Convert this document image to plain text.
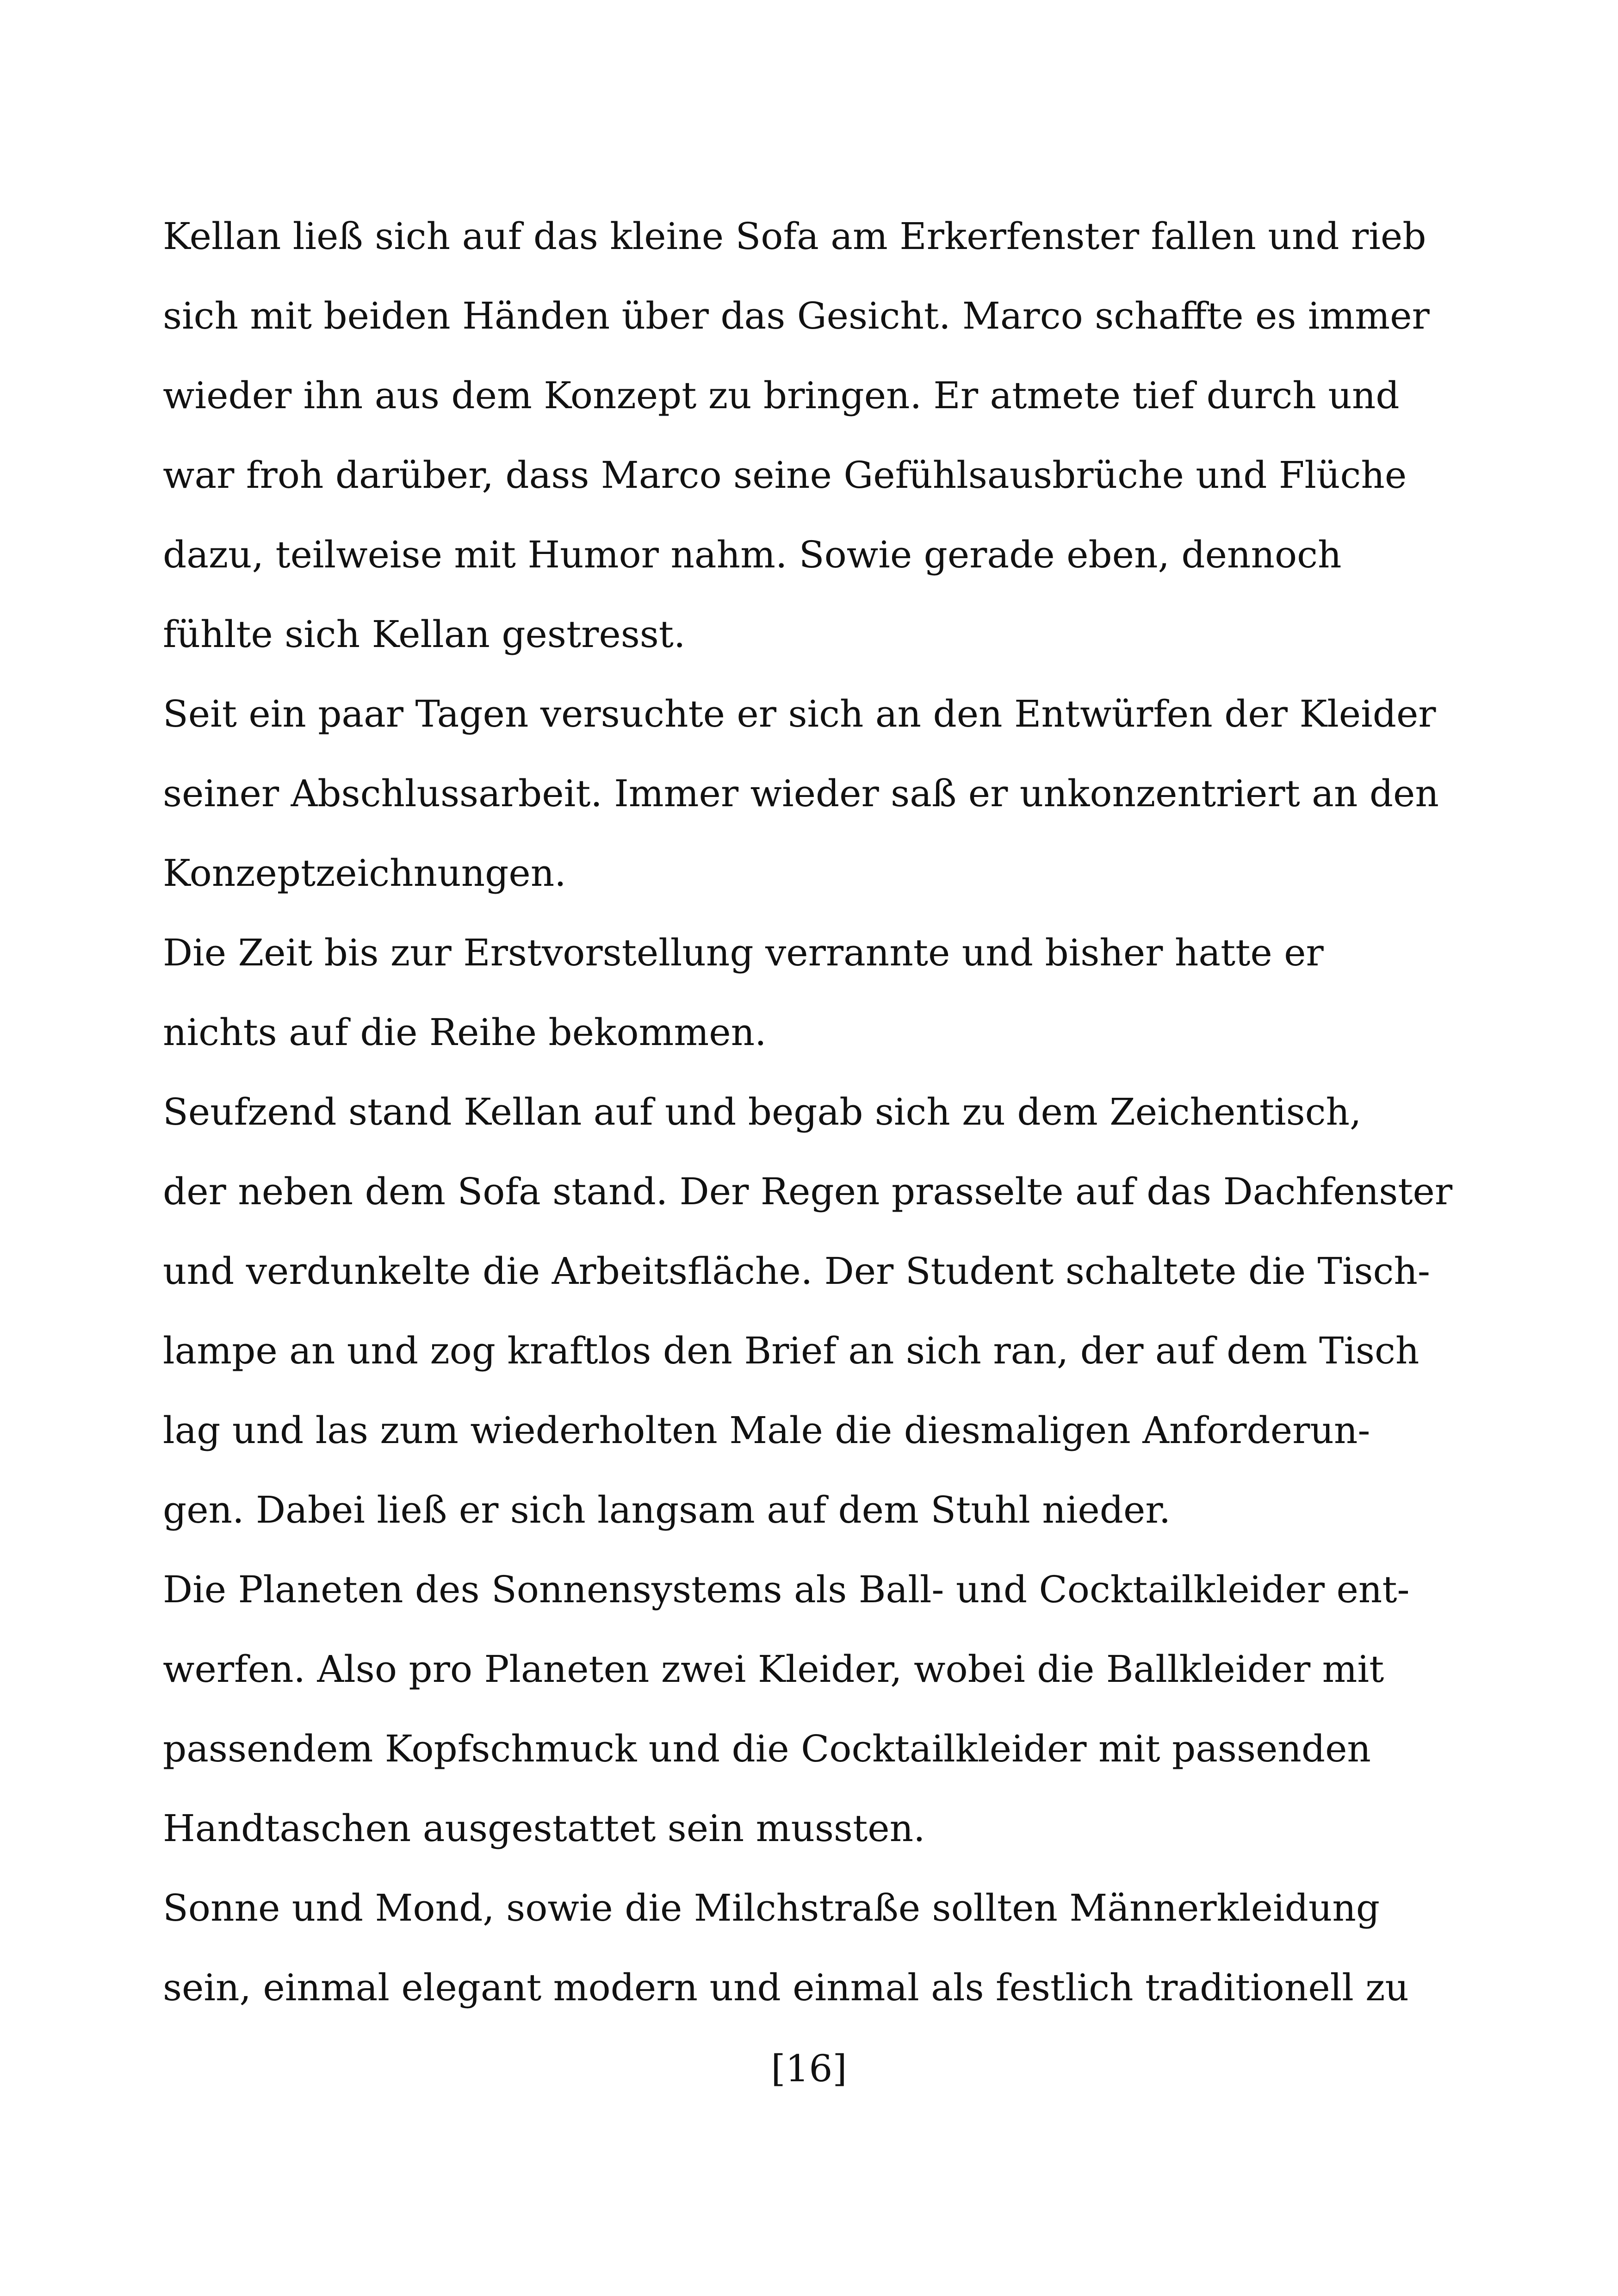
Kellan ließ sich auf das kleine Sofa am Erkerfenster fallen und rieb
sich mit beiden Händen über das Gesicht. Marco schaffte es immer
wieder ihn aus dem Konzept zu bringen. Er atmete tief durch und
war froh darüber, dass Marco seine Gefühlsausbrüche und Flüche
dazu, teilweise mit Humor nahm. Sowie gerade eben, dennoch
fühlte sich Kellan gestresst.
Seit ein paar Tagen versuchte er sich an den Entwürfen der Kleider
seiner Abschlussarbeit. Immer wieder saß er unkonzentriert an den
Konzeptzeichnungen.
Die Zeit bis zur Erstvorstellung verrannte und bisher hatte er
nichts auf die Reihe bekommen.
Seufzend stand Kellan auf und begab sich zu dem Zeichentisch,
der neben dem Sofa stand. Der Regen prasselte auf das Dachfenster
und verdunkelte die Arbeitsfläche. Der Student schaltete die Tisch-
lampe an und zog kraftlos den Brief an sich ran, der auf dem Tisch
lag und las zum wiederholten Male die diesmaligen Anforderun-
gen. Dabei ließ er sich langsam auf dem Stuhl nieder.
Die Planeten des Sonnensystems als Ball- und Cocktailkleider ent-
werfen. Also pro Planeten zwei Kleider, wobei die Ballkleider mit
passendem Kopfschmuck und die Cocktailkleider mit passenden
Handtaschen ausgestattet sein mussten.
Sonne und Mond, sowie die Milchstraße sollten Männerkleidung
sein, einmal elegant modern und einmal als festlich traditionell zu
[16]
